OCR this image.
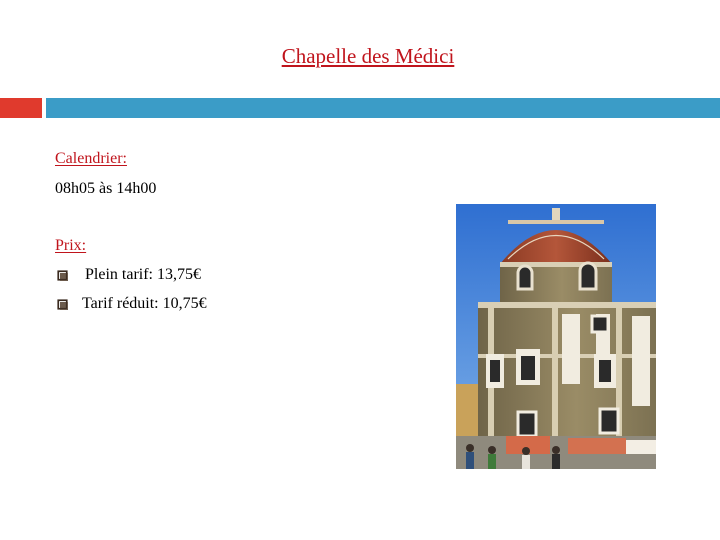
Chapelle des Médici
Calendrier:
08h05 às 14h00
Prix:
Plein tarif: 13,75€
Tarif réduit: 10,75€
